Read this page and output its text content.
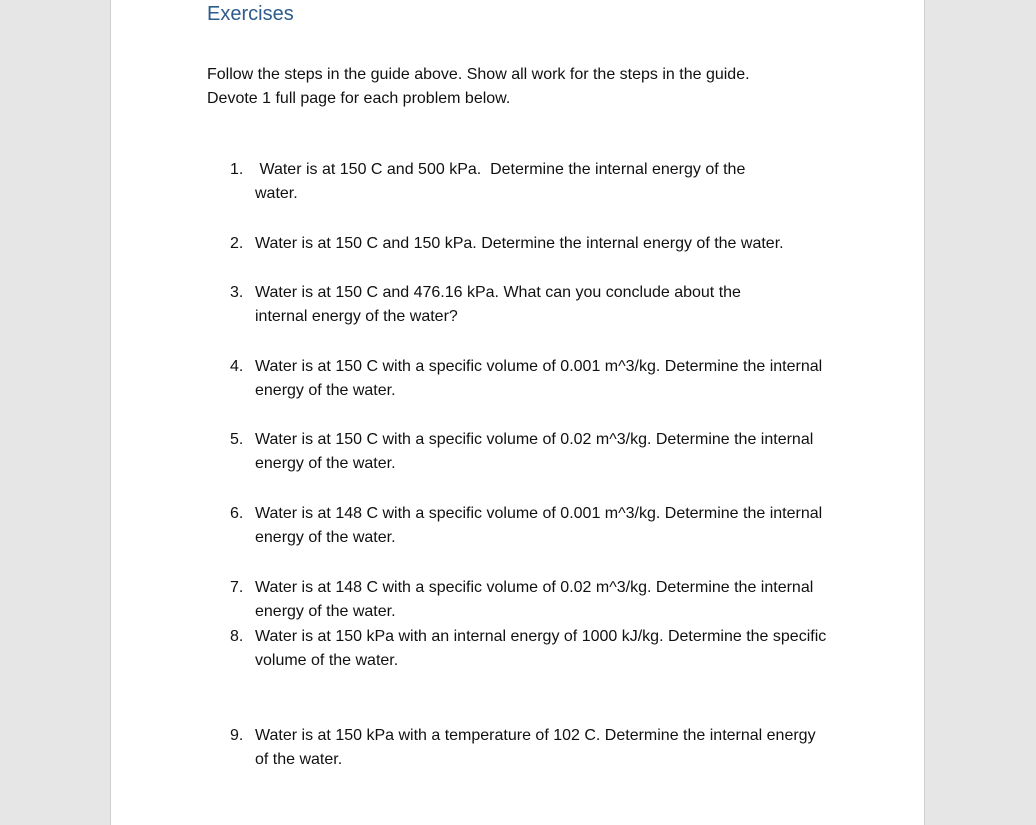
Exercises

Follow the steps in the guide above. Show all work for the steps in the guide.

Devote 1 full page for each problem below.

1. Water is at 150 C and 500 kPa.  Determine the internal energy of the water.
2. Water is at 150 C and 150 kPa. Determine the internal energy of the water.
3. Water is at 150 C and 476.16 kPa. What can you conclude about the internal energy of the water?
4. Water is at 150 C with a specific volume of 0.001 m^3/kg. Determine the internal energy of the water.
5. Water is at 150 C with a specific volume of 0.02 m^3/kg. Determine the internal energy of the water.
6. Water is at 148 C with a specific volume of 0.001 m^3/kg. Determine the internal energy of the water.
7. Water is at 148 C with a specific volume of 0.02 m^3/kg. Determine the internal energy of the water.
8. Water is at 150 kPa with an internal energy of 1000 kJ/kg. Determine the specific volume of the water.
9. Water is at 150 kPa with a temperature of 102 C. Determine the internal energy of the water.
